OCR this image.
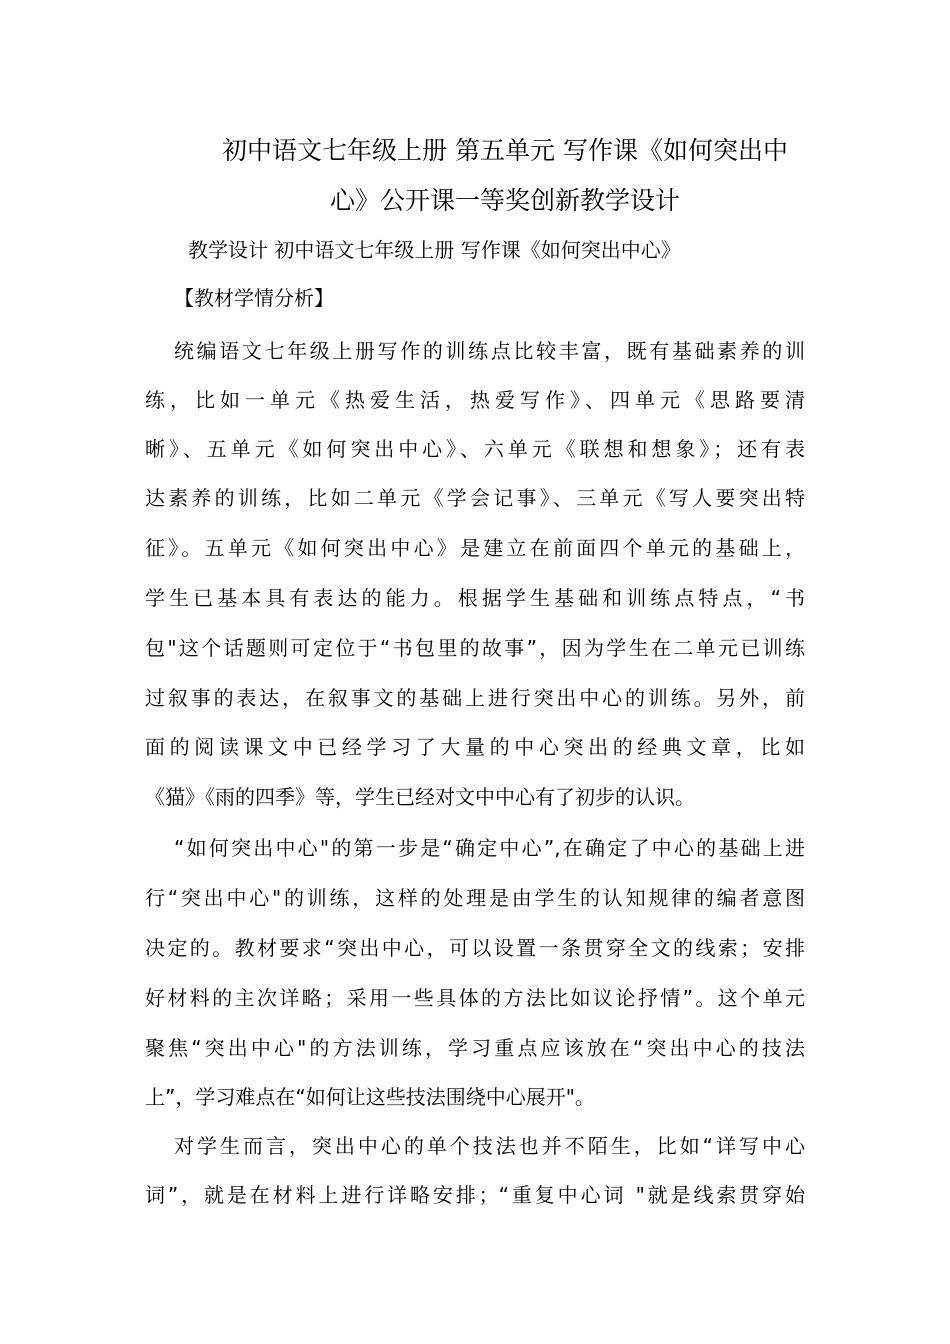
初中语文七年级上册 第五单元 写作课《如何突出中
心》公开课一等奖创新教学设计

教学设计 初中语文七年级上册 写作课《如何突出中心》

【教材学情分析】

统编语文七年级上册写作的训练点比较丰富，既有基础素养的训

练，比如一单元《热爱生活，热爱写作》、四单元《思路要清

晰》、五单元《如何突出中心》、六单元《联想和想象》；还有表

达素养的训练，比如二单元《学会记事》、三单元《写人要突出特

征》。五单元《如何突出中心》是建立在前面四个单元的基础上，

学生已基本具有表达的能力。根据学生基础和训练点特点，“书

包"这个话题则可定位于“书包里的故事”，因为学生在二单元已训练

过叙事的表达，在叙事文的基础上进行突出中心的训练。另外，前

面的阅读课文中已经学习了大量的中心突出的经典文章，比如

《猫》《雨的四季》等，学生已经对文中中心有了初步的认识。

“如何突出中心"的第一步是“确定中心”,在确定了中心的基础上进

行“突出中心"的训练，这样的处理是由学生的认知规律的编者意图

决定的。教材要求“突出中心，可以设置一条贯穿全文的线索；安排

好材料的主次详略；采用一些具体的方法比如议论抒情”。这个单元

聚焦“突出中心"的方法训练，学习重点应该放在“突出中心的技法

上”，学习难点在“如何让这些技法围绕中心展开"。

对学生而言，突出中心的单个技法也并不陌生，比如“详写中心

词”，就是在材料上进行详略安排；“重复中心词 "就是线索贯穿始
